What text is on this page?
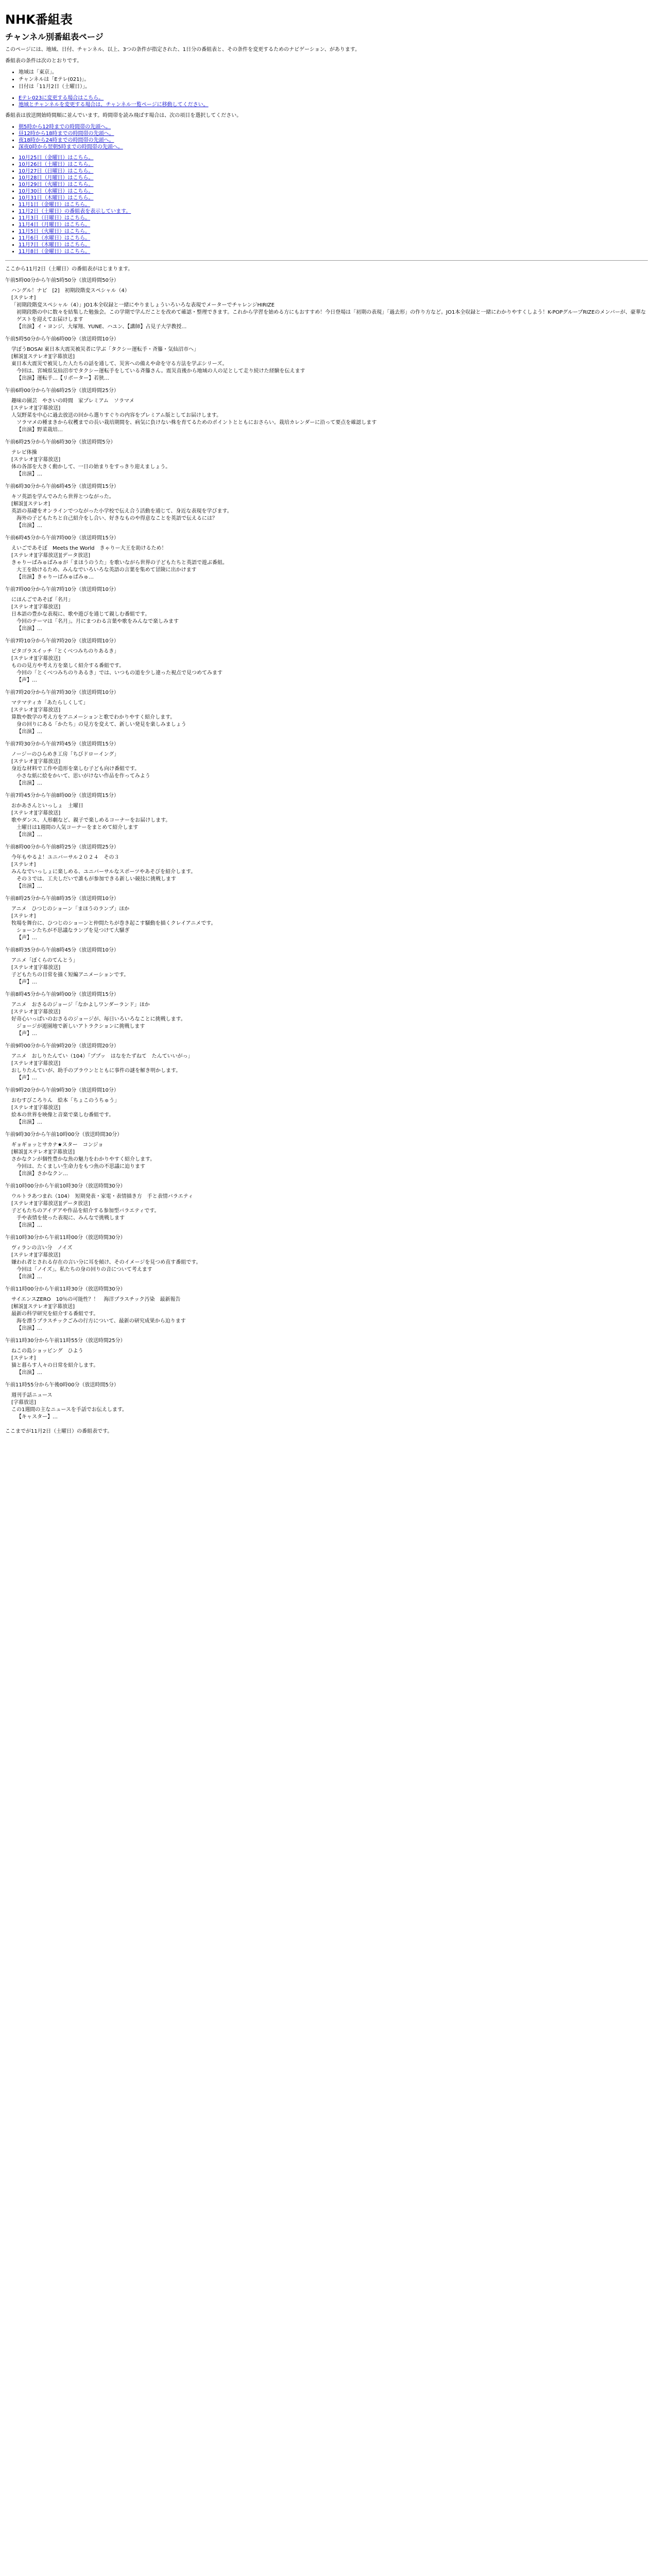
NHK番組表
チャンネル別番組表ページ

このページには、地域、日付、チャンネル、以上、3つの条件が指定された、1日分の番組表と、その条件を変更するためのナビゲーション、があります。

番組表の条件は次のとおりです。

• 地域は「東京」。
• チャンネルは「Eテレ(021)」。
• 日付は「11月2日（土曜日）」。
• Eテレ023に変更する場合はこちら。
• 地域とチャンネルを変更する場合は、チャンネル一覧ページに移動してください。

番組表は放送開始時間順に並んでいます。時間帯を読み飛ばす場合は、次の項目を選択してください。

• 朝5時から12時までの時間帯の先頭へ。
• 昼12時から18時までの時間帯の先頭へ。
• 夜18時から24時までの時間帯の先頭へ。
• 深夜0時から翌朝5時までの時間帯の先頭へ。
• 10月25日（金曜日）はこちら。
• 10月26日（土曜日）はこちら。
• 10月27日（日曜日）はこちら。
• 10月28日（月曜日）はこちら。
• 10月29日（火曜日）はこちら。
• 10月30日（水曜日）はこちら。
• 10月31日（木曜日）はこちら。
• 11月1日（金曜日）はこちら。
• 11月2日（土曜日）の番組表を表示しています。
• 11月3日（日曜日）はこちら。
• 11月4日（月曜日）はこちら。
• 11月5日（火曜日）はこちら。
• 11月6日（水曜日）はこちら。
• 11月7日（木曜日）はこちら。
• 11月8日（金曜日）はこちら。

ここから11月2日（土曜日）の番組表がはじまります。

午前5時00分から午前5時50分（放送時間50分）

ハングル！ナビ　[2]　初期段階変スペシャル（4）

[ステレオ]

「初期段階変スペシャル（4）」JO1本全収録と一緒にやりましょういろいろな表現でメーターでチャレンジHIRIZE

初期段階の中に数々を結集した勉強会。この学期で学んだことを改めて確認・整理できます。これから学習を始める方にもおすすめ！今日登場は「初期の表現」「過去形」の作り方など。JO1本全収録と一緒にわかりやすくしよう！K-POPグループRIZEのメンバーが、豪華なゲストを迎えてお届けします

【出演】イ・ヨンジ、大塚翔、YUNE、ハユン、【講師】占見子大学教授…

午前5時50分から午前6時00分（放送時間10分）

学ぼうBOSAI 東日本大震災被災者に学ぶ「タクシー運転手・斉籐・気仙沼市へ」

[解説][ステレオ][字幕放送]

東日本大震災で被災した人たちの話を通して、災害への備えや命を守る方法を学ぶシリーズ。

今回は、宮城県気仙沼市でタクシー運転手をしている斉籐さん。震災直後から地域の人の足として走り続けた経験を伝えます

【出演】運転手…【リポーター】若狭…

午前6時00分から午前6時25分（放送時間25分）

趣味の園芸　やさいの時間　家プレミアム　ソラマメ

[ステレオ][字幕放送]

人気野菜を中心に過去放送の回から選りすぐりの内容をプレミアム版としてお届けします。

ソラマメの種まきから収穫までの長い栽培期間を、病気に負けない株を育てるためのポイントとともにおさらい。栽培カレンダーに沿って要点を確認します

【出演】野菜栽培…

午前6時25分から午前6時30分（放送時間5分）

テレビ体操

[ステレオ][字幕放送]

体の各部を大きく動かして、一日の始まりをすっきり迎えましょう。

【出演】…

午前6時30分から午前6時45分（放送時間15分）

キソ英語を学んでみたら世界とつながった。

[解説][ステレオ]

英語の基礎をオンラインでつながった小学校で伝え合う活動を通じて、身近な表現を学びます。

海外の子どもたちと自己紹介をし合い、好きなものや得意なことを英語で伝えるには？

【出演】…

午前6時45分から午前7時00分（放送時間15分）

えいごであそぼ　Meets the World　きゃりー大王を助けるため！

[ステレオ][字幕放送][データ放送]

きゃりーぱみゅぱみゅが「まほうのうた」を歌いながら世界の子どもたちと英語で遊ぶ番組。

大王を助けるため、みんなでいろいろな英語の言葉を集めて冒険に出かけます

【出演】きゃりーぱみゅぱみゅ…

午前7時00分から午前7時10分（放送時間10分）

にほんごであそぼ「名月」

[ステレオ][字幕放送]

日本語の豊かな表現に、歌や遊びを通じて親しむ番組です。

今回のテーマは「名月」。月にまつわる言葉や歌をみんなで楽しみます

【出演】…

午前7時10分から午前7時20分（放送時間10分）

ピタゴラスイッチ「とくべつみちのりあるき」

[ステレオ][字幕放送]

ものの見方や考え方を楽しく紹介する番組です。

今回の「とくべつみちのりあるき」では、いつもの道を少し違った視点で見つめてみます

【声】…

午前7時20分から午前7時30分（放送時間10分）

マテマティカ「あたらしくして」

[ステレオ][字幕放送]

算数や数学の考え方をアニメーションと歌でわかりやすく紹介します。

身の回りにある「かたち」の見方を変えて、新しい発見を楽しみましょう

【出演】…

午前7時30分から午前7時45分（放送時間15分）

ノージーのひらめき工房「ちびドローイング」

[ステレオ][字幕放送]

身近な材料で工作や造形を楽しむ子ども向け番組です。

小さな紙に絵をかいて、思いがけない作品を作ってみよう

【出演】…

午前7時45分から午前8時00分（放送時間15分）

おかあさんといっしょ　土曜日

[ステレオ][字幕放送]

歌やダンス、人形劇など、親子で楽しめるコーナーをお届けします。

土曜日は1週間の人気コーナーをまとめて紹介します

【出演】…

午前8時00分から午前8時25分（放送時間25分）

今年もやるよ！ユニバーサル２０２４　その３

[ステレオ]

みんなでいっしょに楽しめる、ユニバーサルなスポーツやあそびを紹介します。

その３では、工夫しだいで誰もが参加できる新しい競技に挑戦します

【出演】…

午前8時25分から午前8時35分（放送時間10分）

アニメ　ひつじのショーン「まほうのランプ」ほか

[ステレオ]

牧場を舞台に、ひつじのショーンと仲間たちが巻き起こす騒動を描くクレイアニメです。

ショーンたちが不思議なランプを見つけて大騒ぎ

【声】…

午前8時35分から午前8時45分（放送時間10分）

アニメ「ぼくらのてんとう」

[ステレオ][字幕放送]

子どもたちの日常を描く短編アニメーションです。

【声】…

午前8時45分から午前9時00分（放送時間15分）

アニメ　おさるのジョージ「なかよしワンダーランド」ほか

[ステレオ][字幕放送]

好奇心いっぱいのおさるのジョージが、毎日いろいろなことに挑戦します。

ジョージが遊園地で新しいアトラクションに挑戦します

【声】…

午前9時00分から午前9時20分（放送時間20分）

アニメ　おしりたんてい（104）「ププッ　はなをたずねて　たんていいがっ」

[ステレオ][字幕放送]

おしりたんていが、助手のブラウンとともに事件の謎を解き明かします。

【声】…

午前9時20分から午前9時30分（放送時間10分）

おむすびころりん　絵本「ちょこのうちゅう」

[ステレオ][字幕放送]

絵本の世界を映像と音楽で楽しむ番組です。

【出演】…

午前9時30分から午前10時00分（放送時間30分）

ギョギョッとサカナ★スター　コンジョ

[解説][ステレオ][字幕放送]

さかなクンが個性豊かな魚の魅力をわかりやすく紹介します。

今回は、たくましい生命力をもつ魚の不思議に迫ります

【出演】さかなクン…

午前10時00分から午前10時30分（放送時間30分）

ウルトラあつまれ（104）　短期発表・家電・表情描き方　手と表情バラエティ

[ステレオ][字幕放送][データ放送]

子どもたちのアイデアや作品を紹介する参加型バラエティです。

手や表情を使った表現に、みんなで挑戦します

【出演】…

午前10時30分から午前11時00分（放送時間30分）

ヴィランの言い分　ノイズ

[ステレオ][字幕放送]

嫌われ者とされる存在の言い分に耳を傾け、そのイメージを見つめ直す番組です。

今回は「ノイズ」。私たちの身の回りの音について考えます

【出演】…

午前11時00分から午前11時30分（放送時間30分）

サイエンスZERO　10％の可能性？！　海洋プラスチック汚染　最新報告

[解説][ステレオ][字幕放送]

最新の科学研究を紹介する番組です。

海を漂うプラスチックごみの行方について、最新の研究成果から迫ります

【出演】…

午前11時30分から午前11時55分（放送時間25分）

ねこの島ショッピング　ひよう

[ステレオ]

猫と暮らす人々の日常を紹介します。

【出演】…

午前11時55分から午後0時00分（放送時間5分）

週刊手話ニュース

[字幕放送]

この1週間の主なニュースを手話でお伝えします。

【キャスター】…

ここまでが11月2日（土曜日）の番組表です。
